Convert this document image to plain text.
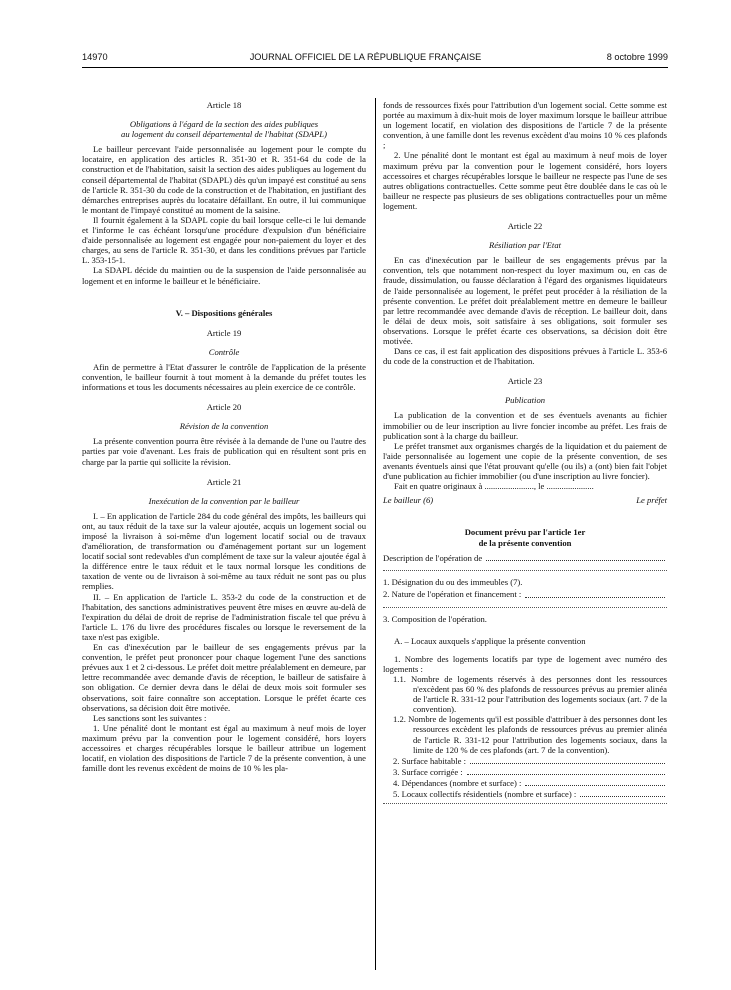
14970	JOURNAL OFFICIEL DE LA RÉPUBLIQUE FRANÇAISE	8 octobre 1999
Article 18
Obligations à l'égard de la section des aides publiques
au logement du conseil départemental de l'habitat (SDAPL)

Le bailleur percevant l'aide personnalisée au logement pour le compte du locataire, en application des articles R. 351-30 et R. 351-64 du code de la construction et de l'habitation, saisit la section des aides publiques au logement du conseil départemental de l'habitat (SDAPL) dès qu'un impayé est constitué au sens de l'article R. 351-30 du code de la construction et de l'habitation, en justifiant des démarches entreprises auprès du locataire défaillant. En outre, il lui communique le montant de l'impayé constitué au moment de la saisine.

Il fournit également à la SDAPL copie du bail lorsque celle-ci le lui demande et l'informe le cas échéant lorsqu'une procédure d'expulsion d'un bénéficiaire d'aide personnalisée au logement est engagée pour non-paiement du loyer et des charges, au sens de l'article R. 351-30, et dans les conditions prévues par l'article L. 353-15-1.

La SDAPL décide du maintien ou de la suspension de l'aide personnalisée au logement et en informe le bailleur et le bénéficiaire.

V. – Dispositions générales
Article 19
Contrôle

Afin de permettre à l'Etat d'assurer le contrôle de l'application de la présente convention, le bailleur fournit à tout moment à la demande du préfet toutes les informations et tous les documents nécessaires au plein exercice de ce contrôle.

Article 20
Révision de la convention

La présente convention pourra être révisée à la demande de l'une ou l'autre des parties par voie d'avenant. Les frais de publication qui en résultent sont pris en charge par la partie qui sollicite la révision.

Article 21
Inexécution de la convention par le bailleur

I. – En application de l'article 284 du code général des impôts, les bailleurs qui ont, au taux réduit de la taxe sur la valeur ajoutée, acquis un logement social ou imposé la livraison à soi-même d'un logement locatif social ou de travaux d'amélioration, de transformation ou d'aménagement portant sur un logement locatif social sont redevables d'un complément de taxe sur la valeur ajoutée égal à la différence entre le taux réduit et le taux normal lorsque les conditions de taxation de vente ou de livraison à soi-même au taux réduit ne sont pas ou plus remplies.

II. – En application de l'article L. 353-2 du code de la construction et de l'habitation, des sanctions administratives peuvent être mises en œuvre au-delà de l'expiration du délai de droit de reprise de l'administration fiscale tel que prévu à l'article L. 176 du livre des procédures fiscales ou lorsque le reversement de la taxe n'est pas exigible.

En cas d'inexécution par le bailleur de ses engagements prévus par la convention, le préfet peut prononcer pour chaque logement l'une des sanctions prévues aux 1 et 2 ci-dessous. Le préfet doit mettre préalablement en demeure, par lettre recommandée avec demande d'avis de réception, le bailleur de satisfaire à son obligation. Ce dernier devra dans le délai de deux mois soit formuler ses observations, soit faire connaître son acceptation. Lorsque le préfet écarte ces observations, sa décision doit être motivée.

Les sanctions sont les suivantes :

1. Une pénalité dont le montant est égal au maximum à neuf mois de loyer maximum prévu par la convention pour le logement considéré, hors loyers accessoires et charges récupérables lorsque le bailleur attribue un logement locatif, en violation des dispositions de l'article 7 de la présente convention, à une famille dont les revenus excèdent de moins de 10 % les pla-

fonds de ressources fixés pour l'attribution d'un logement social. Cette somme est portée au maximum à dix-huit mois de loyer maximum lorsque le bailleur attribue un logement locatif, en violation des dispositions de l'article 7 de la présente convention, à une famille dont les revenus excèdent d'au moins 10 % ces plafonds ;

2. Une pénalité dont le montant est égal au maximum à neuf mois de loyer maximum prévu par la convention pour le logement considéré, hors loyers accessoires et charges récupérables lorsque le bailleur ne respecte pas l'une de ses autres obligations contractuelles. Cette somme peut être doublée dans le cas où le bailleur ne respecte pas plusieurs de ses obligations contractuelles pour un même logement.

Article 22
Résiliation par l'Etat

En cas d'inexécution par le bailleur de ses engagements prévus par la convention, tels que notamment non-respect du loyer maximum ou, en cas de fraude, dissimulation, ou fausse déclaration à l'égard des organismes liquidateurs de l'aide personnalisée au logement, le préfet peut procéder à la résiliation de la présente convention. Le préfet doit préalablement mettre en demeure le bailleur par lettre recommandée avec demande d'avis de réception. Le bailleur doit, dans le délai de deux mois, soit satisfaire à ses obligations, soit formuler ses observations. Lorsque le préfet écarte ces observations, sa décision doit être motivée.

Dans ce cas, il est fait application des dispositions prévues à l'article L. 353-6 du code de la construction et de l'habitation.

Article 23
Publication

La publication de la convention et de ses éventuels avenants au fichier immobilier ou de leur inscription au livre foncier incombe au préfet. Les frais de publication sont à la charge du bailleur.

Le préfet transmet aux organismes chargés de la liquidation et du paiement de l'aide personnalisée au logement une copie de la présente convention, de ses avenants éventuels ainsi que l'état prouvant qu'elle (ou ils) a (ont) bien fait l'objet d'une publication au fichier immobilier (ou d'une inscription au livre foncier).

Fait en quatre originaux à ......................., le ......................

Le bailleur (6)	Le préfet
Document prévu par l'article 1er
de la présente convention
Description de l'opération de
1. Désignation du ou des immeubles (7).
2. Nature de l'opération et financement :
3. Composition de l'opération.

A. – Locaux auxquels s'applique la présente convention

1. Nombre des logements locatifs par type de logement avec numéro des logements :

1.1. Nombre de logements réservés à des personnes dont les ressources n'excèdent pas 60 % des plafonds de ressources prévus au premier alinéa de l'article R. 331-12 pour l'attribution des logements sociaux (art. 7 de la convention).

1.2. Nombre de logements qu'il est possible d'attribuer à des personnes dont les ressources excèdent les plafonds de ressources prévus au premier alinéa de l'article R. 331-12 pour l'attribution des logements sociaux, dans la limite de 120 % de ces plafonds (art. 7 de la convention).

2. Surface habitable :
3. Surface corrigée :
4. Dépendances (nombre et surface) :
5. Locaux collectifs résidentiels (nombre et surface) :
